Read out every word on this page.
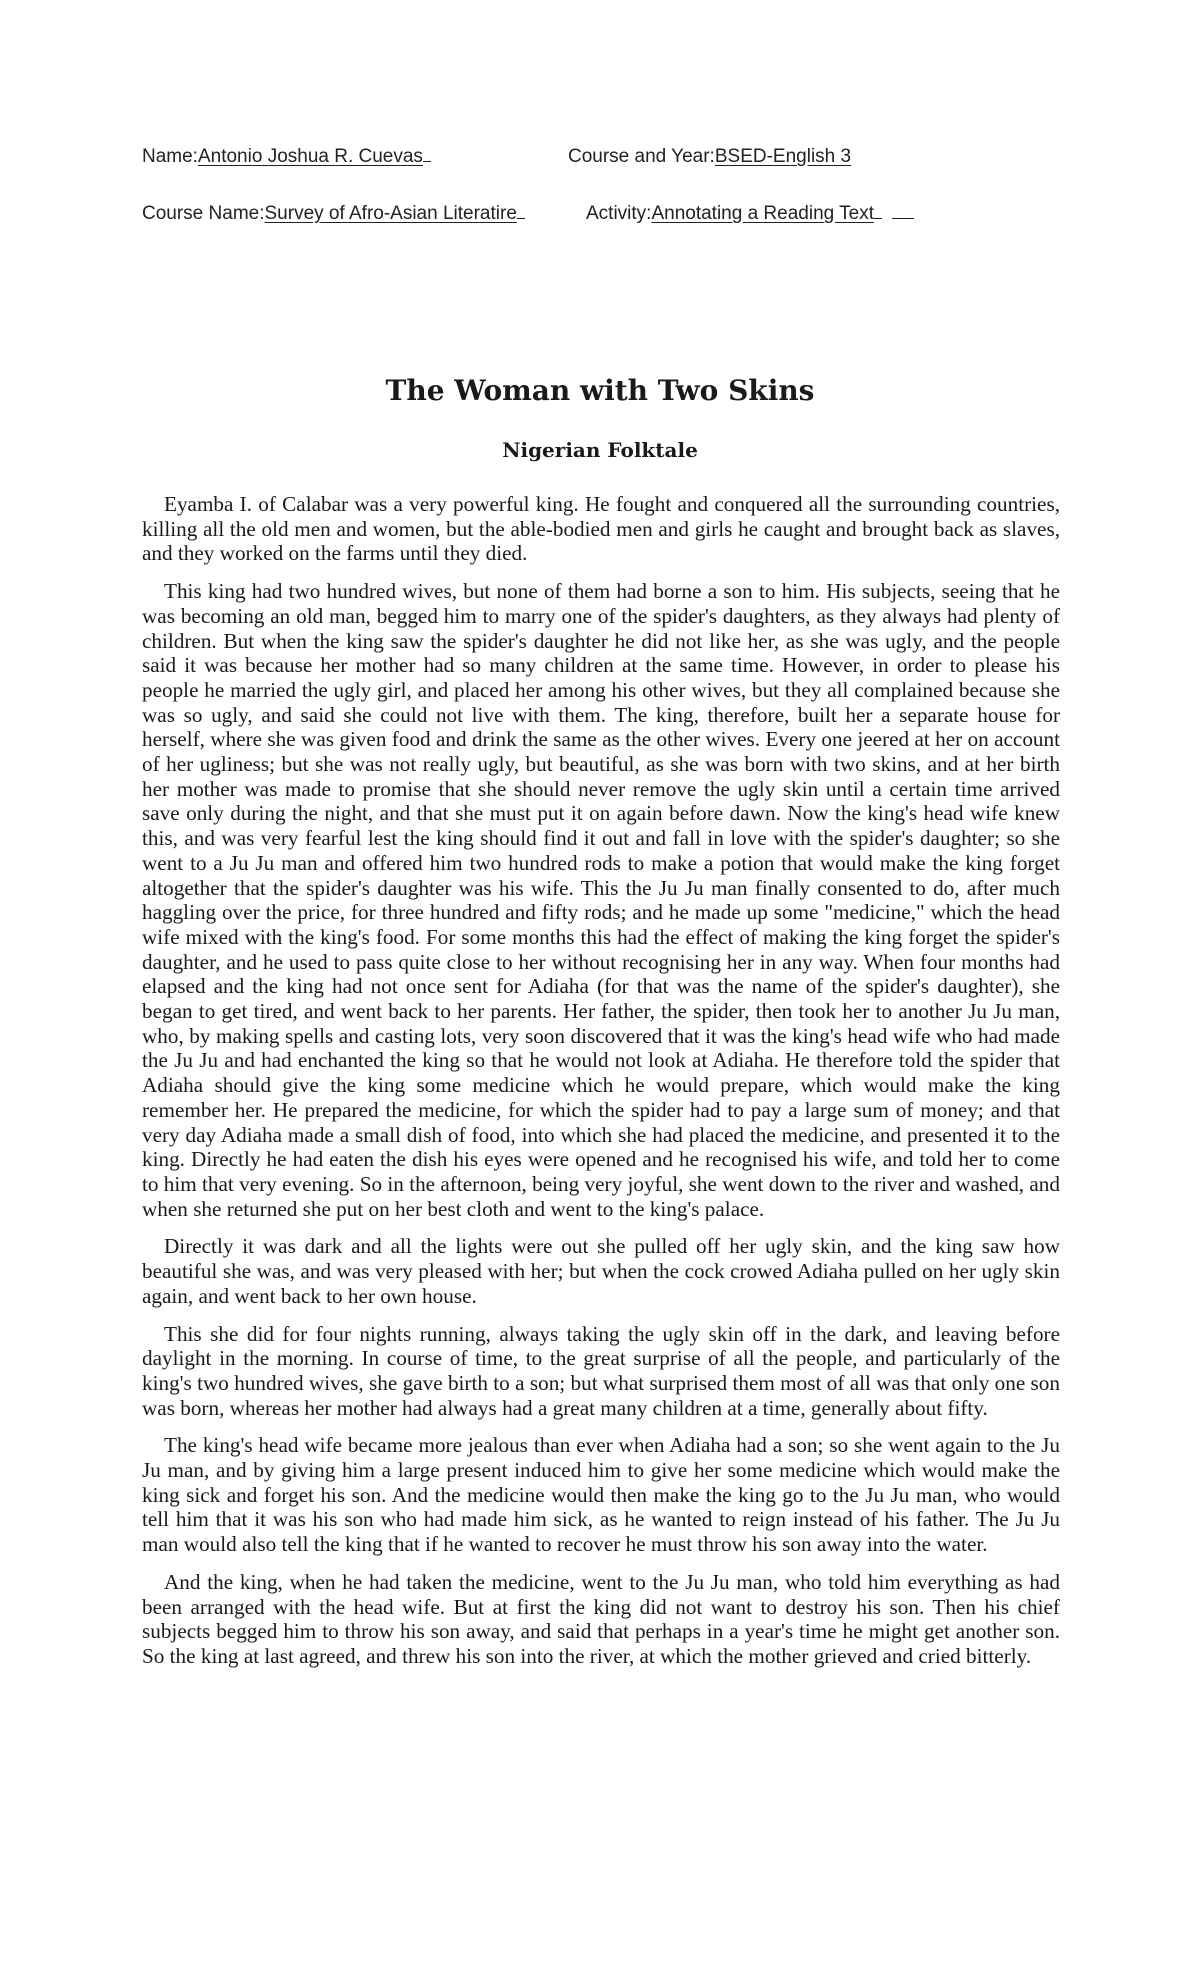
Name:Antonio Joshua R. Cuevas	Course and Year:BSED-English 3
Course Name:Survey of Afro-Asian Literatire	Activity:Annotating a Reading Text
The Woman with Two Skins
Nigerian Folktale

Eyamba I. of Calabar was a very powerful king. He fought and conquered all the surrounding countries, killing all the old men and women, but the able-bodied men and girls he caught and brought back as slaves, and they worked on the farms until they died.

This king had two hundred wives, but none of them had borne a son to him. His subjects, seeing that he was becoming an old man, begged him to marry one of the spider's daughters, as they always had plenty of children. But when the king saw the spider's daughter he did not like her, as she was ugly, and the people said it was because her mother had so many children at the same time. However, in order to please his people he married the ugly girl, and placed her among his other wives, but they all complained because she was so ugly, and said she could not live with them. The king, therefore, built her a separate house for herself, where she was given food and drink the same as the other wives. Every one jeered at her on account of her ugliness; but she was not really ugly, but beautiful, as she was born with two skins, and at her birth her mother was made to promise that she should never remove the ugly skin until a certain time arrived save only during the night, and that she must put it on again before dawn. Now the king's head wife knew this, and was very fearful lest the king should find it out and fall in love with the spider's daughter; so she went to a Ju Ju man and offered him two hundred rods to make a potion that would make the king forget altogether that the spider's daughter was his wife. This the Ju Ju man finally consented to do, after much haggling over the price, for three hundred and fifty rods; and he made up some "medicine," which the head wife mixed with the king's food. For some months this had the effect of making the king forget the spider's daughter, and he used to pass quite close to her without recognising her in any way. When four months had elapsed and the king had not once sent for Adiaha (for that was the name of the spider's daughter), she began to get tired, and went back to her parents. Her father, the spider, then took her to another Ju Ju man, who, by making spells and casting lots, very soon discovered that it was the king's head wife who had made the Ju Ju and had enchanted the king so that he would not look at Adiaha. He therefore told the spider that Adiaha should give the king some medicine which he would prepare, which would make the king remember her. He prepared the medicine, for which the spider had to pay a large sum of money; and that very day Adiaha made a small dish of food, into which she had placed the medicine, and presented it to the king. Directly he had eaten the dish his eyes were opened and he recognised his wife, and told her to come to him that very evening. So in the afternoon, being very joyful, she went down to the river and washed, and when she returned she put on her best cloth and went to the king's palace.

Directly it was dark and all the lights were out she pulled off her ugly skin, and the king saw how beautiful she was, and was very pleased with her; but when the cock crowed Adiaha pulled on her ugly skin again, and went back to her own house.

This she did for four nights running, always taking the ugly skin off in the dark, and leaving before daylight in the morning. In course of time, to the great surprise of all the people, and particularly of the king's two hundred wives, she gave birth to a son; but what surprised them most of all was that only one son was born, whereas her mother had always had a great many children at a time, generally about fifty.

The king's head wife became more jealous than ever when Adiaha had a son; so she went again to the Ju Ju man, and by giving him a large present induced him to give her some medicine which would make the king sick and forget his son. And the medicine would then make the king go to the Ju Ju man, who would tell him that it was his son who had made him sick, as he wanted to reign instead of his father. The Ju Ju man would also tell the king that if he wanted to recover he must throw his son away into the water.

And the king, when he had taken the medicine, went to the Ju Ju man, who told him everything as had been arranged with the head wife. But at first the king did not want to destroy his son. Then his chief subjects begged him to throw his son away, and said that perhaps in a year's time he might get another son. So the king at last agreed, and threw his son into the river, at which the mother grieved and cried bitterly.
